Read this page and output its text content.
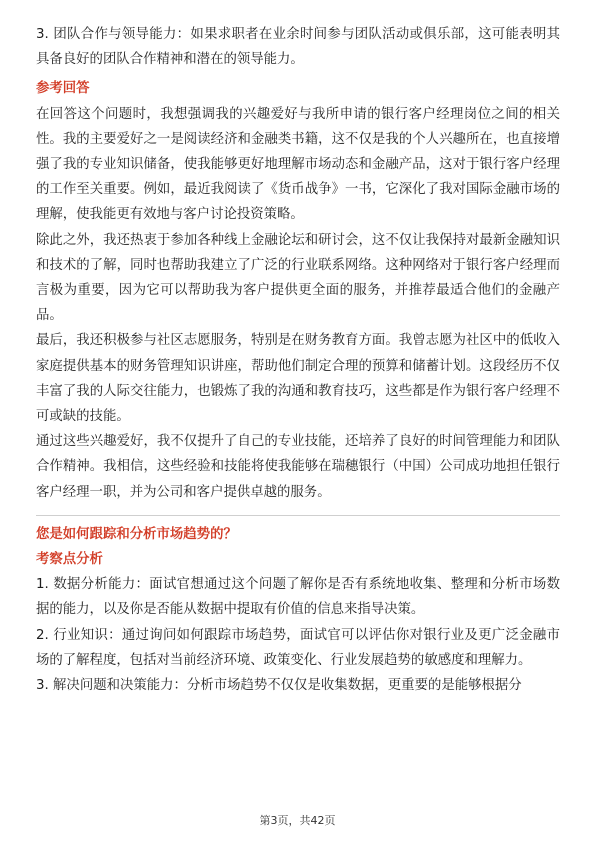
3. 团队合作与领导能力：如果求职者在业余时间参与团队活动或俱乐部，这可能表明其具备良好的团队合作精神和潜在的领导能力。

参考回答

在回答这个问题时，我想强调我的兴趣爱好与我所申请的银行客户经理岗位之间的相关性。我的主要爱好之一是阅读经济和金融类书籍，这不仅是我的个人兴趣所在，也直接增强了我的专业知识储备，使我能够更好地理解市场动态和金融产品，这对于银行客户经理的工作至关重要。例如，最近我阅读了《货币战争》一书，它深化了我对国际金融市场的理解，使我能更有效地与客户讨论投资策略。

除此之外，我还热衷于参加各种线上金融论坛和研讨会，这不仅让我保持对最新金融知识和技术的了解，同时也帮助我建立了广泛的行业联系网络。这种网络对于银行客户经理而言极为重要，因为它可以帮助我为客户提供更全面的服务，并推荐最适合他们的金融产品。

最后，我还积极参与社区志愿服务，特别是在财务教育方面。我曾志愿为社区中的低收入家庭提供基本的财务管理知识讲座，帮助他们制定合理的预算和储蓄计划。这段经历不仅丰富了我的人际交往能力，也锻炼了我的沟通和教育技巧，这些都是作为银行客户经理不可或缺的技能。

通过这些兴趣爱好，我不仅提升了自己的专业技能，还培养了良好的时间管理能力和团队合作精神。我相信，这些经验和技能将使我能够在瑞穗银行（中国）公司成功地担任银行客户经理一职，并为公司和客户提供卓越的服务。

您是如何跟踪和分析市场趋势的？

考察点分析

1. 数据分析能力：面试官想通过这个问题了解你是否有系统地收集、整理和分析市场数据的能力，以及你是否能从数据中提取有价值的信息来指导决策。

2. 行业知识：通过询问如何跟踪市场趋势，面试官可以评估你对银行业及更广泛金融市场的了解程度，包括对当前经济环境、政策变化、行业发展趋势的敏感度和理解力。

3. 解决问题和决策能力：分析市场趋势不仅仅是收集数据，更重要的是能够根据分

第3页，共42页
